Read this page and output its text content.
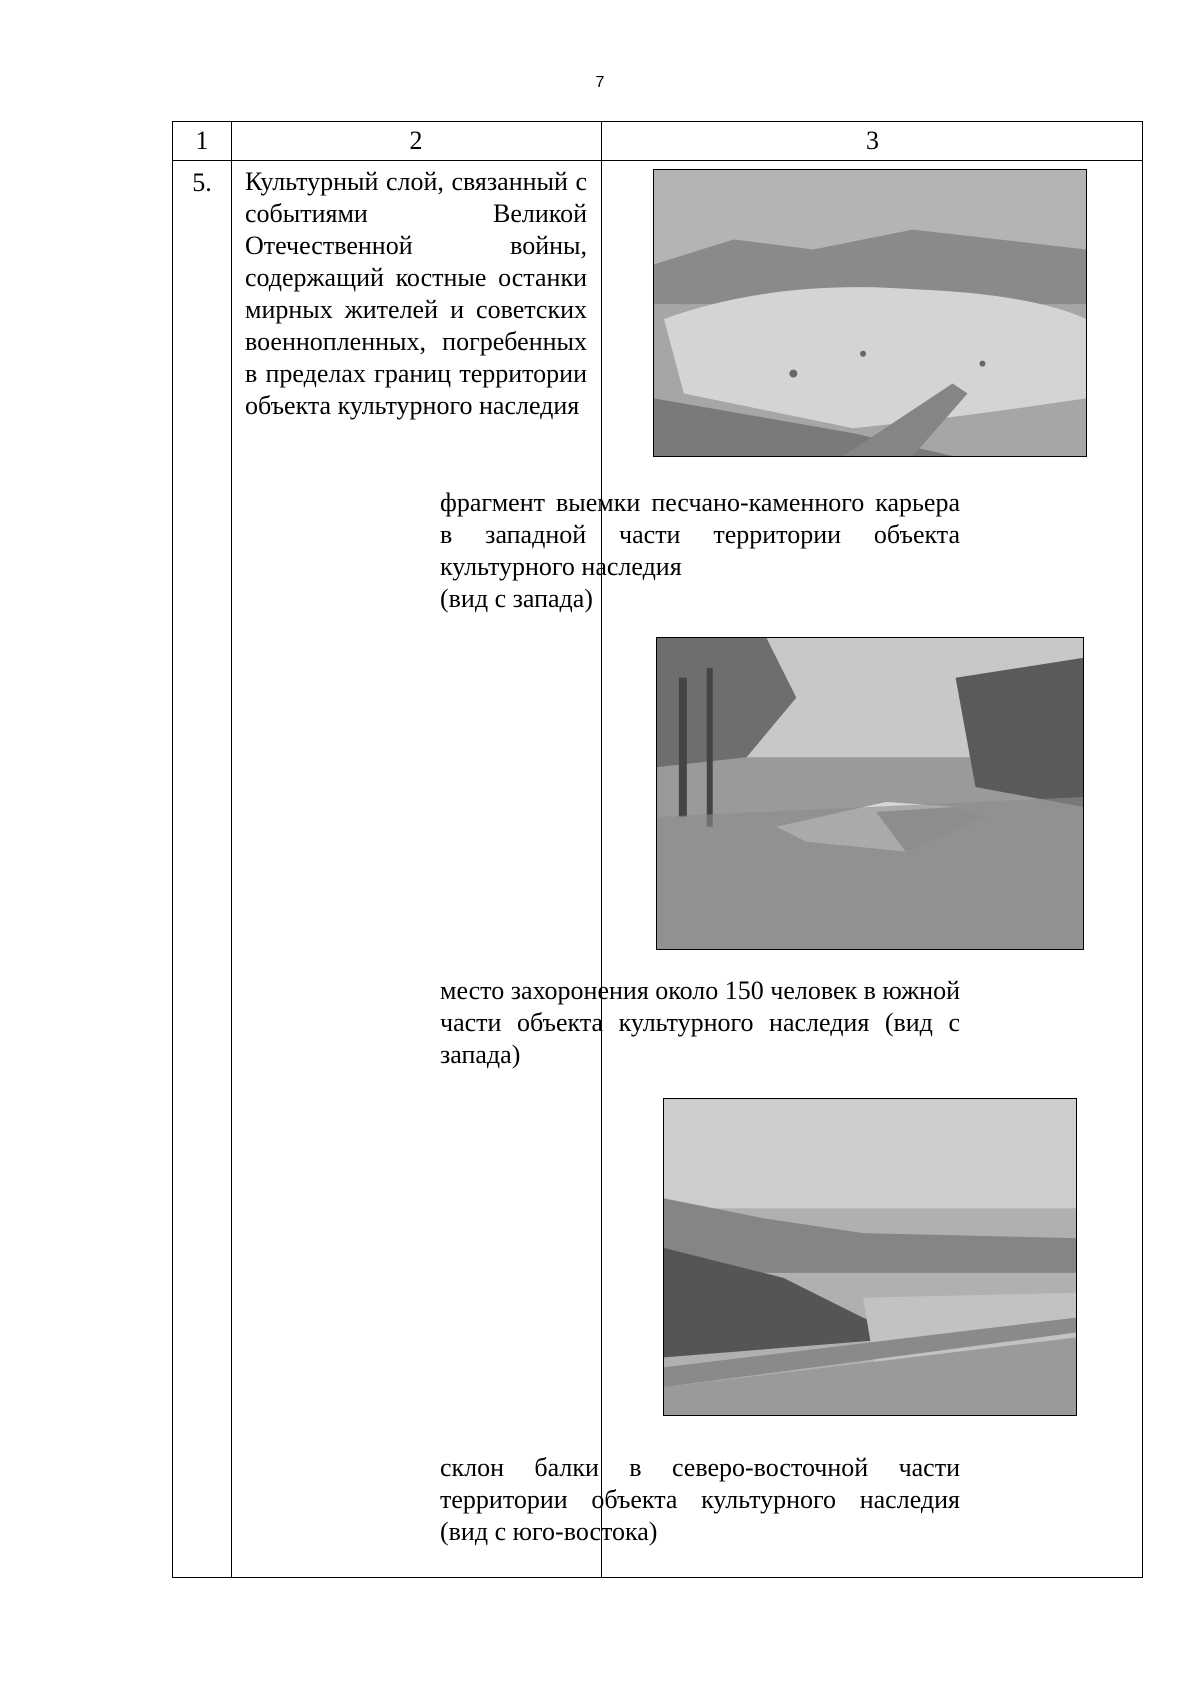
7
1	2	3
5.	Культурный слой, связанный с событиями Великой Отечественной войны, содержащий костные останки мирных жителей и советских военнопленных, погребенных в пределах границ территории объекта культурного наследия
фрагмент выемки песчано-каменного карьера в западной части территории объекта культурного наследия
(вид с запада)
место захоронения около 150 человек в южной части объекта культурного наследия (вид с запада)
склон балки в северо-восточной части территории объекта культурного наследия (вид с юго-востока)
